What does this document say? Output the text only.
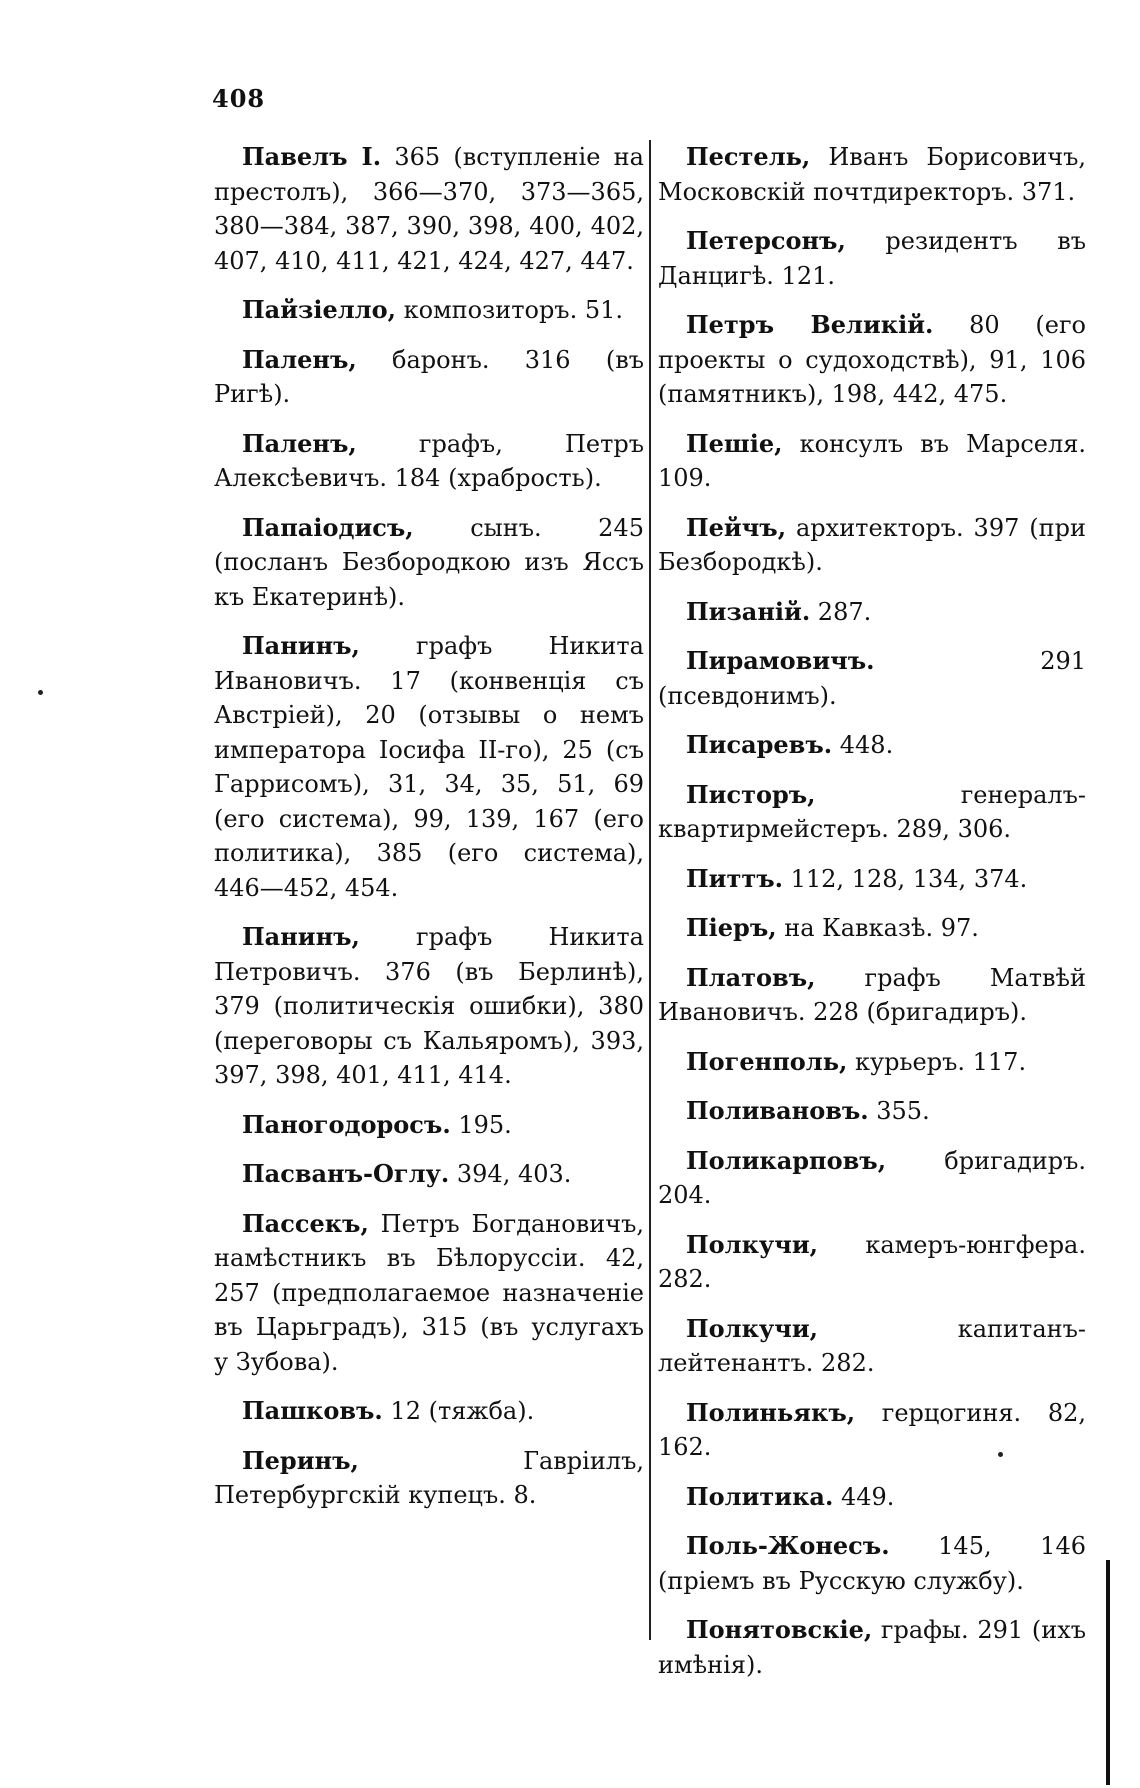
408

Павелъ I. 365 (вступленіе на престолъ), 366—370, 373—365, 380—384, 387, 390, 398, 400, 402, 407, 410, 411, 421, 424, 427, 447.

Пайзіелло, композиторъ. 51.

Паленъ, баронъ. 316 (въ Ригѣ).

Паленъ, графъ, Петръ Алексѣевичъ. 184 (храбрость).

Папаіодисъ, сынъ. 245 (посланъ Безбородкою изъ Яссъ къ Екатеринѣ).

Панинъ, графъ Никита Ивановичъ. 17 (конвенція съ Австріей), 20 (отзывы о немъ императора Іосифа II-го), 25 (съ Гаррисомъ), 31, 34, 35, 51, 69 (его система), 99, 139, 167 (его политика), 385 (его система), 446—452, 454.

Панинъ, графъ Никита Петровичъ. 376 (въ Берлинѣ), 379 (политическія ошибки), 380 (переговоры съ Кальяромъ), 393, 397, 398, 401, 411, 414.

Паногодоросъ. 195.

Пасванъ-Оглу. 394, 403.

Пассекъ, Петръ Богдановичъ, намѣстникъ въ Бѣлоруссіи. 42, 257 (предполагаемое назначеніе въ Царьградъ), 315 (въ услугахъ у Зубова).

Пашковъ. 12 (тяжба).

Перинъ, Гавріилъ, Петербургскій купецъ. 8.

Пестель, Иванъ Борисовичъ, Московскій почтдиректоръ. 371.

Петерсонъ, резидентъ въ Данцигѣ. 121.

Петръ Великій. 80 (его проекты о судоходствѣ), 91, 106 (памятникъ), 198, 442, 475.

Пешіе, консулъ въ Марселя. 109.

Пейчъ, архитекторъ. 397 (при Безбородкѣ).

Пизаній. 287.

Пирамовичъ. 291 (псевдонимъ).

Писаревъ. 448.

Писторъ, генералъ-квартирмейстеръ. 289, 306.

Питтъ. 112, 128, 134, 374.

Піеръ, на Кавказѣ. 97.

Платовъ, графъ Матвѣй Ивановичъ. 228 (бригадиръ).

Погенполь, курьеръ. 117.

Поливановъ. 355.

Поликарповъ, бригадиръ. 204.

Полкучи, камеръ-юнгфера. 282.

Полкучи, капитанъ-лейтенантъ. 282.

Полиньякъ, герцогиня. 82, 162.

Политика. 449.

Поль-Жонесъ. 145, 146 (пріемъ въ Русскую службу).

Понятовскіе, графы. 291 (ихъ имѣнія).
